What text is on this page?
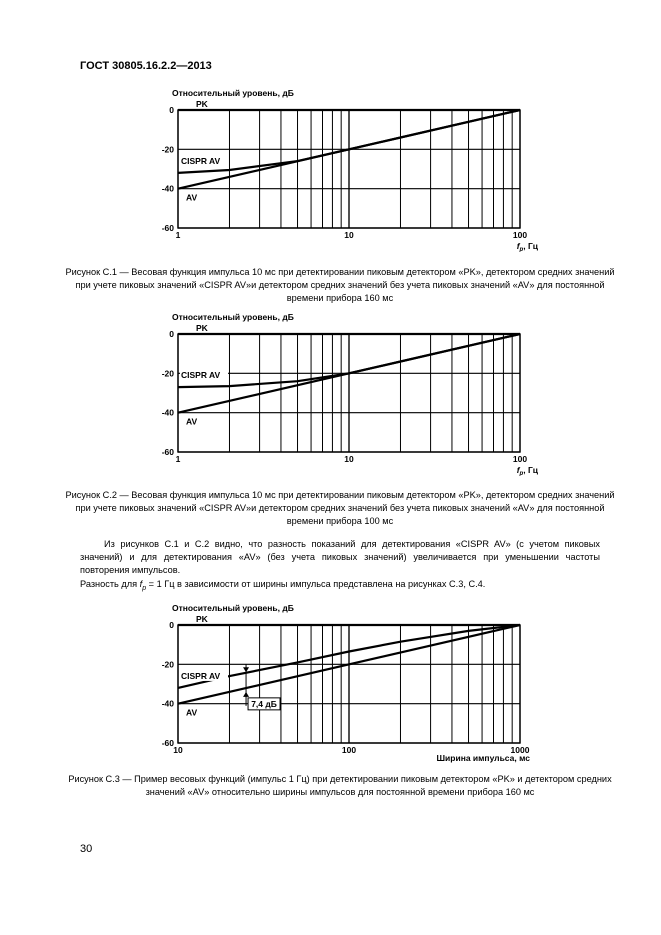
ГОСТ 30805.16.2.2—2013
Относительный уровень, дБ
0
-20
-40
-60
1	10	100
$f_p$, Гц
PK
CISPR AV
AV
Рисунок С.1 — Весовая функция импульса 10 мс при детектировании пиковым детектором «PK», детектором средних значений при учете пиковых значений «CISPR AV»и детектором средних значений без учета пиковых значений «AV» для постоянной времени прибора 160 мс
Относительный уровень, дБ
0
-20
-40
-60
1	10	100
$f_p$, Гц
PK
CISPR AV
AV
Рисунок С.2 — Весовая функция импульса 10 мс при детектировании пиковым детектором «PK», детектором средних значений при учете пиковых значений «CISPR AV»и детектором средних значений без учета пиковых значений «AV» для постоянной времени прибора 100 мс
Из рисунков С.1 и С.2 видно, что разность показаний для детектирования «CISPR AV» (с учетом пиковых значений) и для детектирования «AV» (без учета пиковых значений) увеличивается при уменьшении частоты повторения импульсов.
Разность для $f_p = 1$ Гц в зависимости от ширины импульса представлена на рисунках С.3, С.4.
Относительный уровень, дБ
0
-20
-40
-60
10	100	1000
Ширина импульса, мс
PK
CISPR AV
AV
7,4 дБ
Рисунок С.3 — Пример весовых функций (импульс 1 Гц) при детектировании пиковым детектором «PK» и детектором средних значений «AV» относительно ширины импульсов для постоянной времени прибора 160 мс
30
